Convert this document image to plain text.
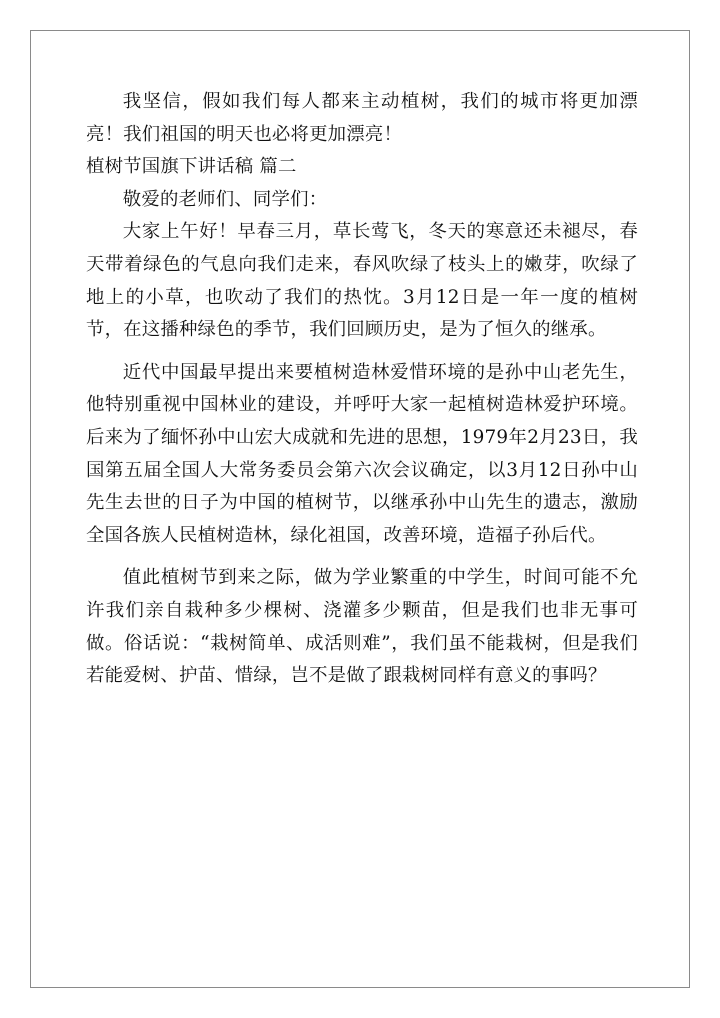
我坚信，假如我们每人都来主动植树，我们的城市将更加漂亮！我们祖国的明天也必将更加漂亮！

植树节国旗下讲话稿 篇二

敬爱的老师们、同学们：

大家上午好！早春三月，草长莺飞，冬天的寒意还未褪尽，春天带着绿色的气息向我们走来，春风吹绿了枝头上的嫩芽，吹绿了地上的小草，也吹动了我们的热忱。3月12日是一年一度的植树节，在这播种绿色的季节，我们回顾历史，是为了恒久的继承。

近代中国最早提出来要植树造林爱惜环境的是孙中山老先生，他特别重视中国林业的建设，并呼吁大家一起植树造林爱护环境。后来为了缅怀孙中山宏大成就和先进的思想，1979年2月23日，我国第五届全国人大常务委员会第六次会议确定，以3月12日孙中山先生去世的日子为中国的植树节，以继承孙中山先生的遗志，激励全国各族人民植树造林，绿化祖国，改善环境，造福子孙后代。

值此植树节到来之际，做为学业繁重的中学生，时间可能不允许我们亲自栽种多少棵树、浇灌多少颗苗，但是我们也非无事可做。俗话说：“栽树简单、成活则难”，我们虽不能栽树，但是我们若能爱树、护苗、惜绿，岂不是做了跟栽树同样有意义的事吗？
